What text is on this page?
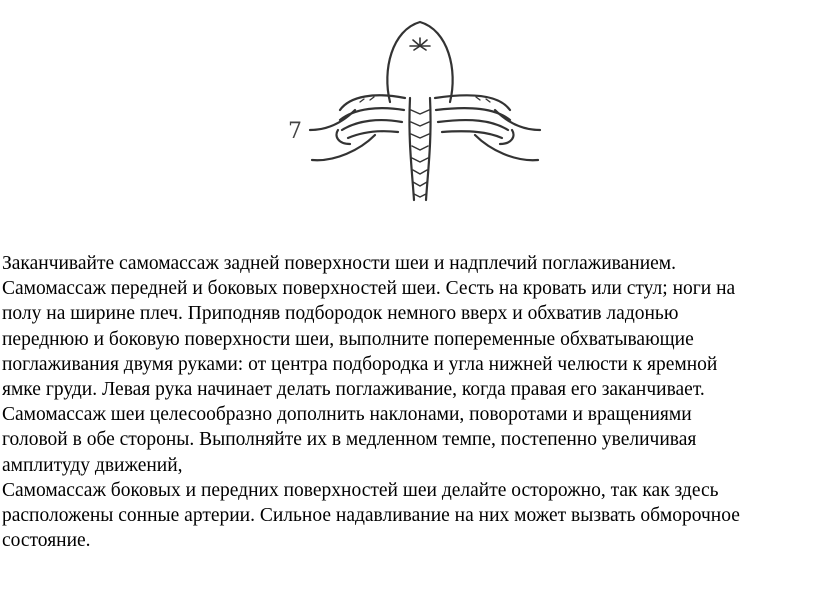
7

Заканчивайте самомассаж задней поверхности шеи и надплечий поглаживанием.

Самомассаж передней и боковых поверхностей шеи. Сесть на кровать или стул; ноги на

полу на ширине плеч. Приподняв подбородок немного вверх и обхватив ладонью

переднюю и боковую поверхности шеи, выполните попеременные обхватывающие

поглаживания двумя руками: от центра подбородка и угла нижней челюсти к яремной

ямке груди. Левая рука начинает делать поглаживание, когда правая его заканчивает.

Самомассаж шеи целесообразно дополнить наклонами, поворотами и вращениями

головой в обе стороны. Выполняйте их в медленном темпе, постепенно увеличивая

амплитуду движений,

Самомассаж боковых и передних поверхностей шеи делайте осторожно, так как здесь

расположены сонные артерии. Сильное надавливание на них может вызвать обморочное

состояние.
